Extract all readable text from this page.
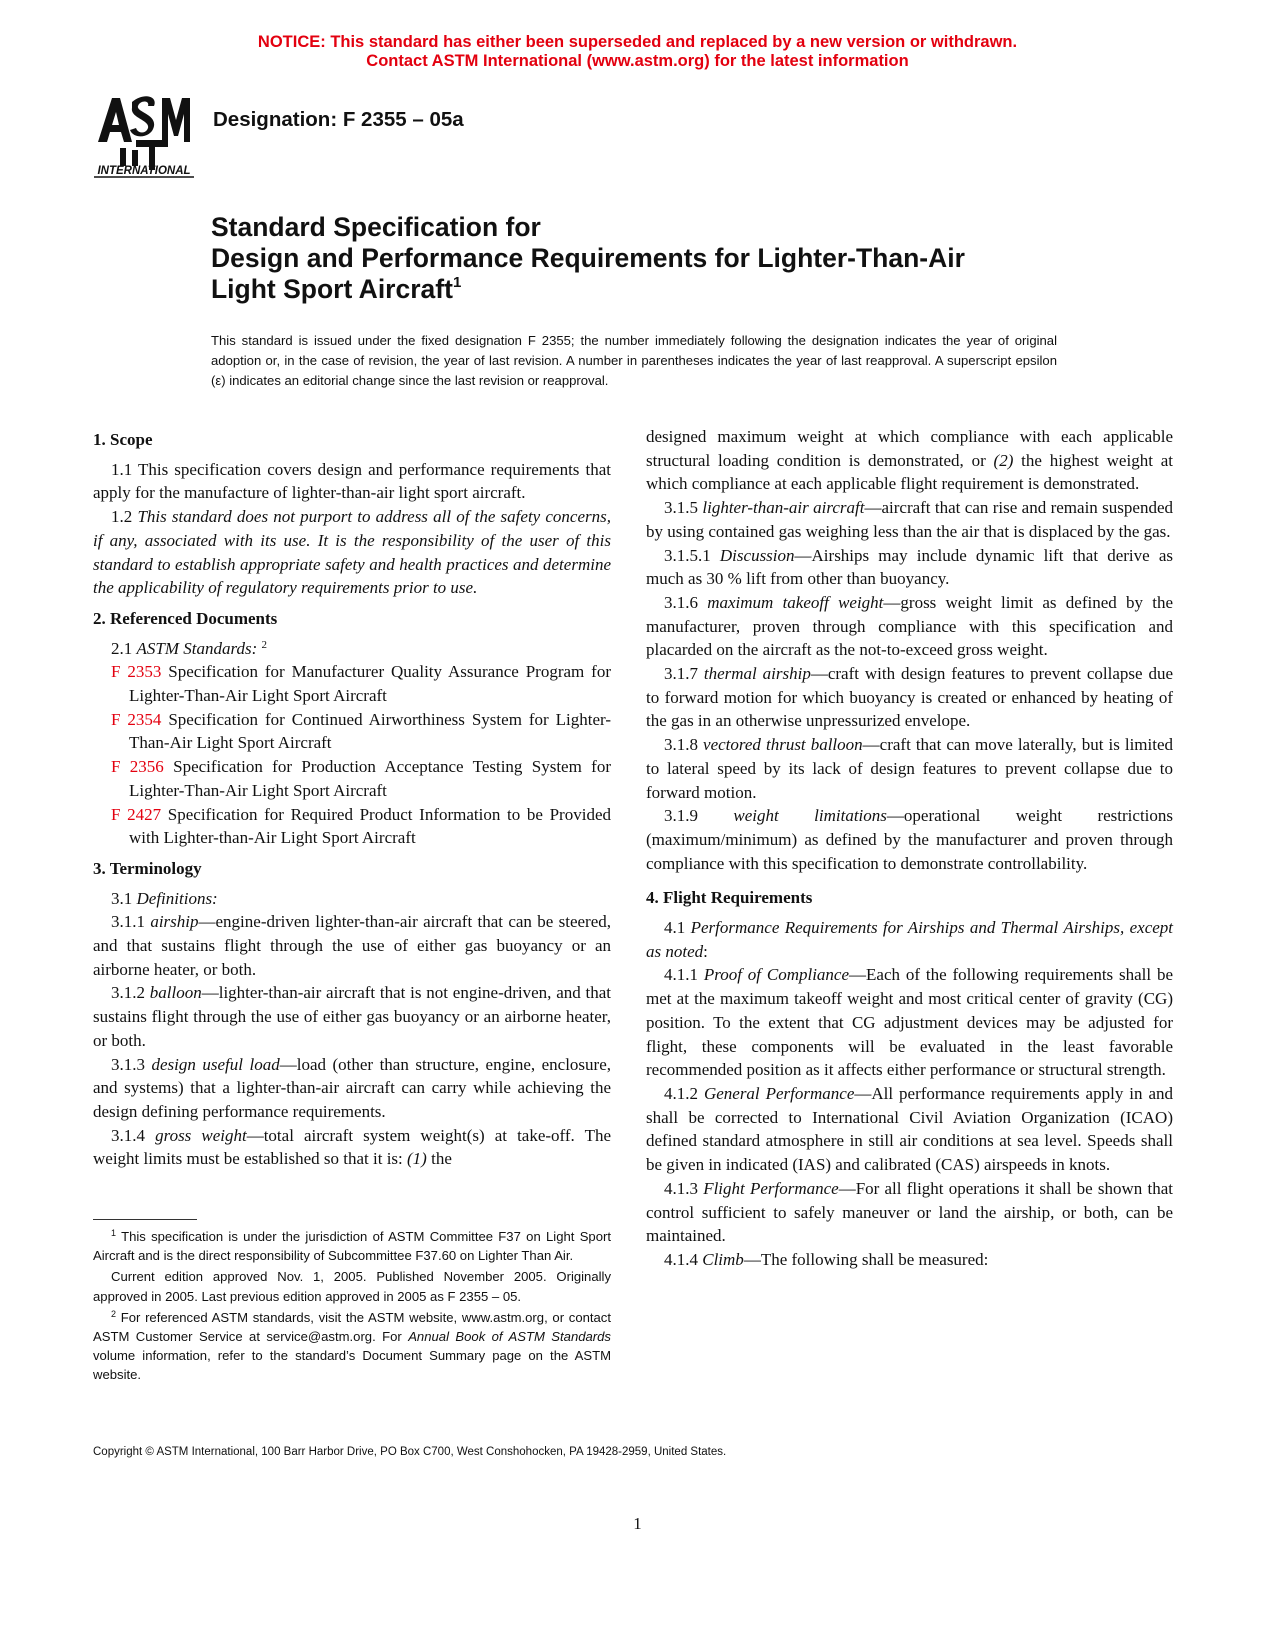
NOTICE: This standard has either been superseded and replaced by a new version or withdrawn.
Contact ASTM International (www.astm.org) for the latest information
INTERNATIONAL
Designation: F 2355 – 05a
Standard Specification for
Design and Performance Requirements for Lighter-Than-Air
Light Sport Aircraft$^1$
This standard is issued under the fixed designation F 2355; the number immediately following the designation indicates the year of original adoption or, in the case of revision, the year of last revision. A number in parentheses indicates the year of last reapproval. A superscript epsilon (ε) indicates an editorial change since the last revision or reapproval.
1. Scope

1.1 This specification covers design and performance requirements that apply for the manufacture of lighter-than-air light sport aircraft.

1.2 This standard does not purport to address all of the safety concerns, if any, associated with its use. It is the responsibility of the user of this standard to establish appropriate safety and health practices and determine the applicability of regulatory requirements prior to use.

2. Referenced Documents

2.1 ASTM Standards: $^2$

F 2353 Specification for Manufacturer Quality Assurance Program for Lighter-Than-Air Light Sport Aircraft

F 2354 Specification for Continued Airworthiness System for Lighter-Than-Air Light Sport Aircraft

F 2356 Specification for Production Acceptance Testing System for Lighter-Than-Air Light Sport Aircraft

F 2427 Specification for Required Product Information to be Provided with Lighter-than-Air Light Sport Aircraft

3. Terminology

3.1 Definitions:

3.1.1 airship—engine-driven lighter-than-air aircraft that can be steered, and that sustains flight through the use of either gas buoyancy or an airborne heater, or both.

3.1.2 balloon—lighter-than-air aircraft that is not engine-driven, and that sustains flight through the use of either gas buoyancy or an airborne heater, or both.

3.1.3 design useful load—load (other than structure, engine, enclosure, and systems) that a lighter-than-air aircraft can carry while achieving the design defining performance requirements.

3.1.4 gross weight—total aircraft system weight(s) at take-off. The weight limits must be established so that it is: (1) the

designed maximum weight at which compliance with each applicable structural loading condition is demonstrated, or (2) the highest weight at which compliance at each applicable flight requirement is demonstrated.

3.1.5 lighter-than-air aircraft—aircraft that can rise and remain suspended by using contained gas weighing less than the air that is displaced by the gas.

3.1.5.1 Discussion—Airships may include dynamic lift that derive as much as 30 % lift from other than buoyancy.

3.1.6 maximum takeoff weight—gross weight limit as defined by the manufacturer, proven through compliance with this specification and placarded on the aircraft as the not-to-exceed gross weight.

3.1.7 thermal airship—craft with design features to prevent collapse due to forward motion for which buoyancy is created or enhanced by heating of the gas in an otherwise unpressurized envelope.

3.1.8 vectored thrust balloon—craft that can move laterally, but is limited to lateral speed by its lack of design features to prevent collapse due to forward motion.

3.1.9 weight limitations—operational weight restrictions (maximum/minimum) as defined by the manufacturer and proven through compliance with this specification to demonstrate controllability.

4. Flight Requirements

4.1 Performance Requirements for Airships and Thermal Airships, except as noted:

4.1.1 Proof of Compliance—Each of the following requirements shall be met at the maximum takeoff weight and most critical center of gravity (CG) position. To the extent that CG adjustment devices may be adjusted for flight, these components will be evaluated in the least favorable recommended position as it affects either performance or structural strength.

4.1.2 General Performance—All performance requirements apply in and shall be corrected to International Civil Aviation Organization (ICAO) defined standard atmosphere in still air conditions at sea level. Speeds shall be given in indicated (IAS) and calibrated (CAS) airspeeds in knots.

4.1.3 Flight Performance—For all flight operations it shall be shown that control sufficient to safely maneuver or land the airship, or both, can be maintained.

4.1.4 Climb—The following shall be measured:

$^1$ This specification is under the jurisdiction of ASTM Committee F37 on Light Sport Aircraft and is the direct responsibility of Subcommittee F37.60 on Lighter Than Air.

Current edition approved Nov. 1, 2005. Published November 2005. Originally approved in 2005. Last previous edition approved in 2005 as F 2355 – 05.

$^2$ For referenced ASTM standards, visit the ASTM website, www.astm.org, or contact ASTM Customer Service at service@astm.org. For Annual Book of ASTM Standards volume information, refer to the standard’s Document Summary page on the ASTM website.

Copyright © ASTM International, 100 Barr Harbor Drive, PO Box C700, West Conshohocken, PA 19428-2959, United States.
1
